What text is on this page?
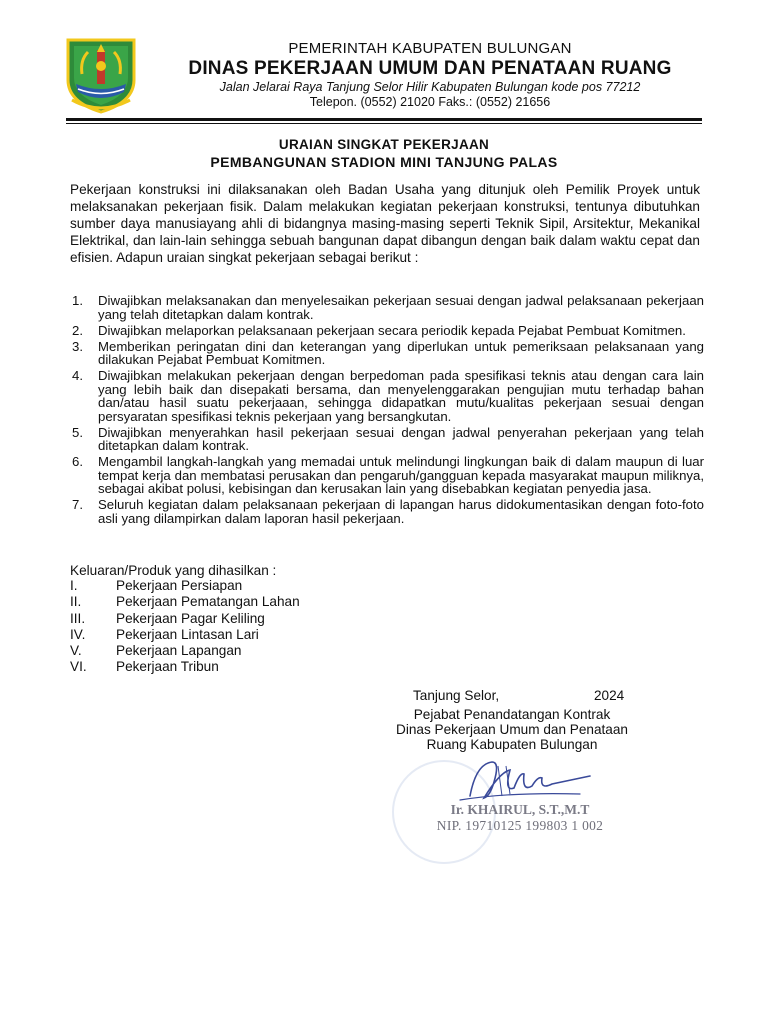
PEMERINTAH KABUPATEN BULUNGAN
DINAS PEKERJAAN UMUM DAN PENATAAN RUANG
Jalan Jelarai Raya Tanjung Selor Hilir Kabupaten Bulungan kode pos 77212
Telepon. (0552) 21020 Faks.: (0552) 21656
URAIAN SINGKAT PEKERJAAN
PEMBANGUNAN STADION MINI TANJUNG PALAS
Pekerjaan konstruksi ini dilaksanakan oleh Badan Usaha yang ditunjuk oleh Pemilik Proyek untuk melaksanakan pekerjaan fisik. Dalam melakukan kegiatan pekerjaan konstruksi, tentunya dibutuhkan sumber daya manusiayang ahli di bidangnya masing-masing seperti Teknik Sipil, Arsitektur, Mekanikal Elektrikal, dan lain-lain sehingga sebuah bangunan dapat dibangun dengan baik dalam waktu cepat dan efisien. Adapun uraian singkat pekerjaan sebagai berikut :
1. Diwajibkan melaksanakan dan menyelesaikan pekerjaan sesuai dengan jadwal pelaksanaan pekerjaan yang telah ditetapkan dalam kontrak.
2. Diwajibkan melaporkan pelaksanaan pekerjaan secara periodik kepada Pejabat Pembuat Komitmen.
3. Memberikan peringatan dini dan keterangan yang diperlukan untuk pemeriksaan pelaksanaan yang dilakukan Pejabat Pembuat Komitmen.
4. Diwajibkan melakukan pekerjaan dengan berpedoman pada spesifikasi teknis atau dengan cara lain yang lebih baik dan disepakati bersama, dan menyelenggarakan pengujian mutu terhadap bahan dan/atau hasil suatu pekerjaaan, sehingga didapatkan mutu/kualitas pekerjaan sesuai dengan persyaratan spesifikasi teknis pekerjaan yang bersangkutan.
5. Diwajibkan menyerahkan hasil pekerjaan sesuai dengan jadwal penyerahan pekerjaan yang telah ditetapkan dalam kontrak.
6. Mengambil langkah-langkah yang memadai untuk melindungi lingkungan baik di dalam maupun di luar tempat kerja dan membatasi perusakan dan pengaruh/gangguan kepada masyarakat maupun miliknya, sebagai akibat polusi, kebisingan dan kerusakan lain yang disebabkan kegiatan penyedia jasa.
7. Seluruh kegiatan dalam pelaksanaan pekerjaan di lapangan harus didokumentasikan dengan foto-foto asli yang dilampirkan dalam laporan hasil pekerjaan.
Keluaran/Produk yang dihasilkan :
I.	Pekerjaan Persiapan
II.	Pekerjaan Pematangan Lahan
III. Pekerjaan Pagar Keliling
IV. Pekerjaan Lintasan Lari
V.	Pekerjaan Lapangan
VI. Pekerjaan Tribun
Tanjung Selor,	2024
Pejabat Penandatangan Kontrak
Dinas Pekerjaan Umum dan Penataan
Ruang Kabupaten Bulungan
Ir. KHAIRUL, S.T.,M.T
NIP. 19710125 199803 1 002
